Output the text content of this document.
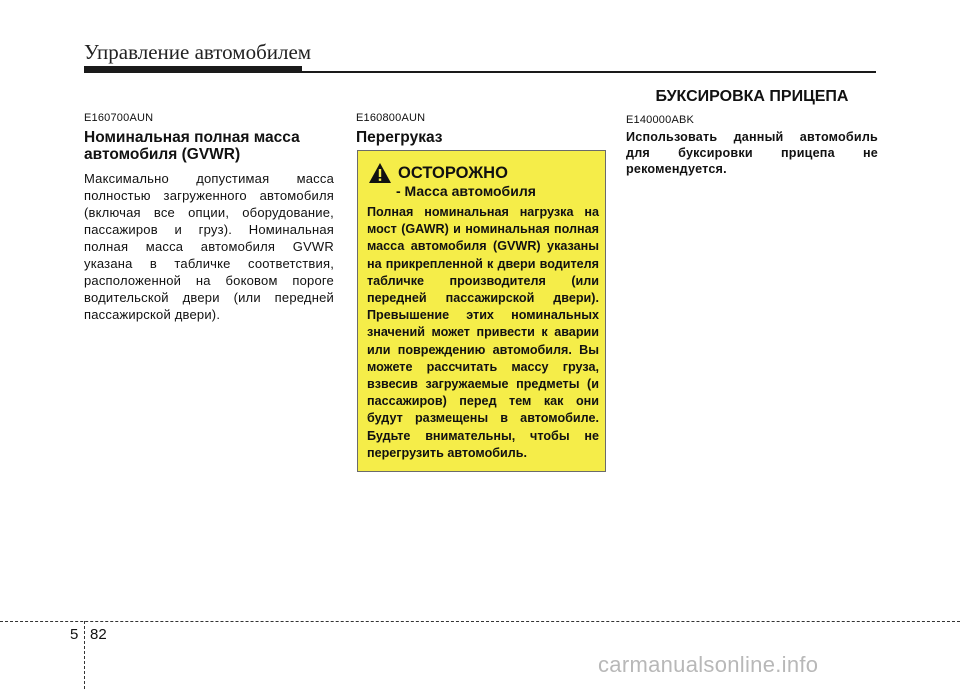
Управление автомобилем
E160700AUN
Номинальная полная масса автомобиля (GVWR)
Максимально допустимая масса полностью загруженного автомобиля (включая все опции, оборудование, пассажиров и груз). Номинальная полная масса автомобиля GVWR указана в табличке соответствия, расположенной на боковом пороге водительской двери (или передней пассажирской двери).
E160800AUN
Перегруказ
ОСТОРОЖНО
- Масса автомобиля
Полная номинальная нагрузка на мост (GAWR) и номинальная полная масса автомобиля (GVWR) указаны на прикрепленной к двери водителя табличке производителя (или передней пассажирской двери). Превышение этих номинальных значений может привести к аварии или повреждению автомобиля. Вы можете рассчитать массу груза, взвесив загружаемые предметы (и пассажиров) перед тем как они будут размещены в автомобиле. Будьте внимательны, чтобы не перегрузить автомобиль.
БУКСИРОВКА ПРИЦЕПА
E140000ABK
Использовать данный автомобиль для буксировки прицепа не рекомендуется.
5 82
carmanualsonline.info
